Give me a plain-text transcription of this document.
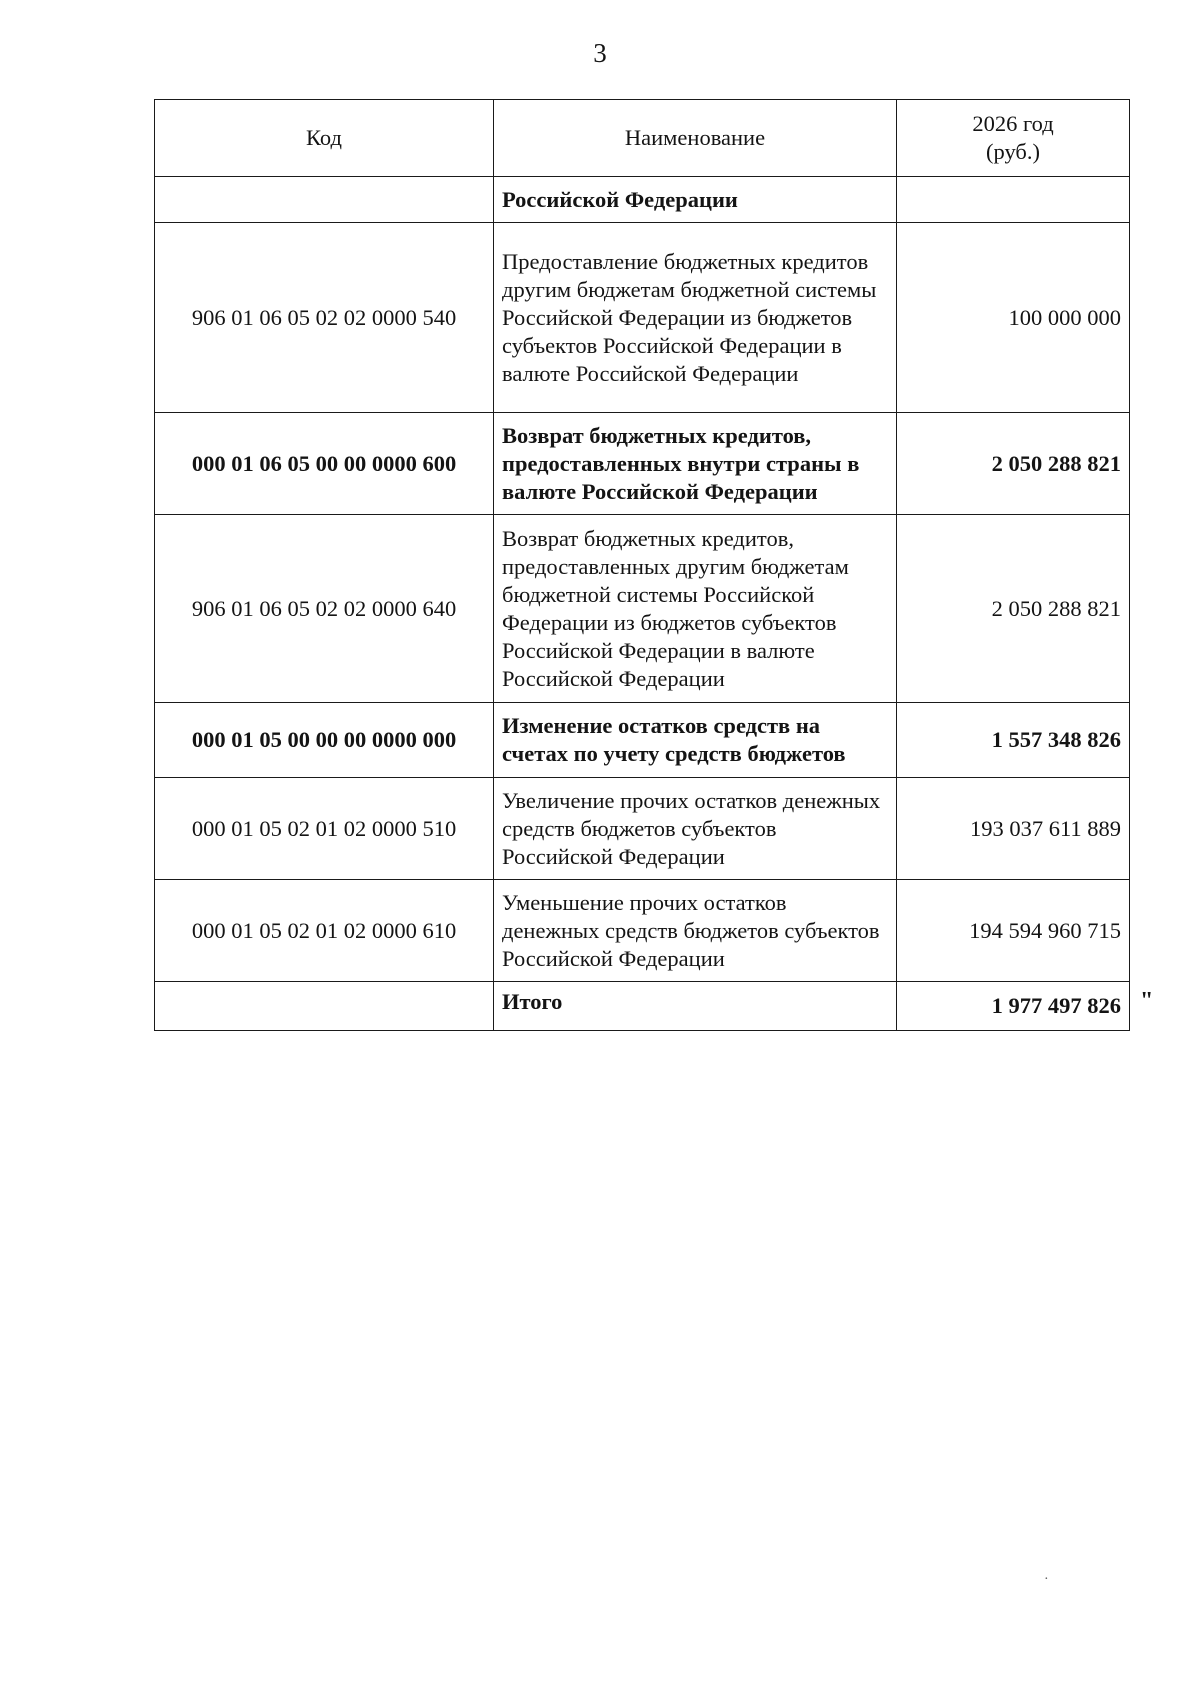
3
Код	Наименование	2026 год
(руб.)

	Российской Федерации	
906 01 06 05 02 02 0000 540	Предоставление бюджетных кредитов другим бюджетам бюджетной системы Российской Федерации из бюджетов субъектов Российской Федерации в валюте Российской Федерации	100 000 000
000 01 06 05 00 00 0000 600	Возврат бюджетных кредитов, предоставленных внутри страны в валюте Российской Федерации	2 050 288 821
906 01 06 05 02 02 0000 640	Возврат бюджетных кредитов, предоставленных другим бюджетам бюджетной системы Российской Федерации из бюджетов субъектов Российской Федерации в валюте Российской Федерации	2 050 288 821
000 01 05 00 00 00 0000 000	Изменение остатков средств на счетах по учету средств бюджетов	1 557 348 826
000 01 05 02 01 02 0000 510	Увеличение прочих остатков денежных средств бюджетов субъектов Российской Федерации	193 037 611 889
000 01 05 02 01 02 0000 610	Уменьшение прочих остатков денежных средств бюджетов субъектов Российской Федерации	194 594 960 715
	Итого	1 977 497 826 "
·
